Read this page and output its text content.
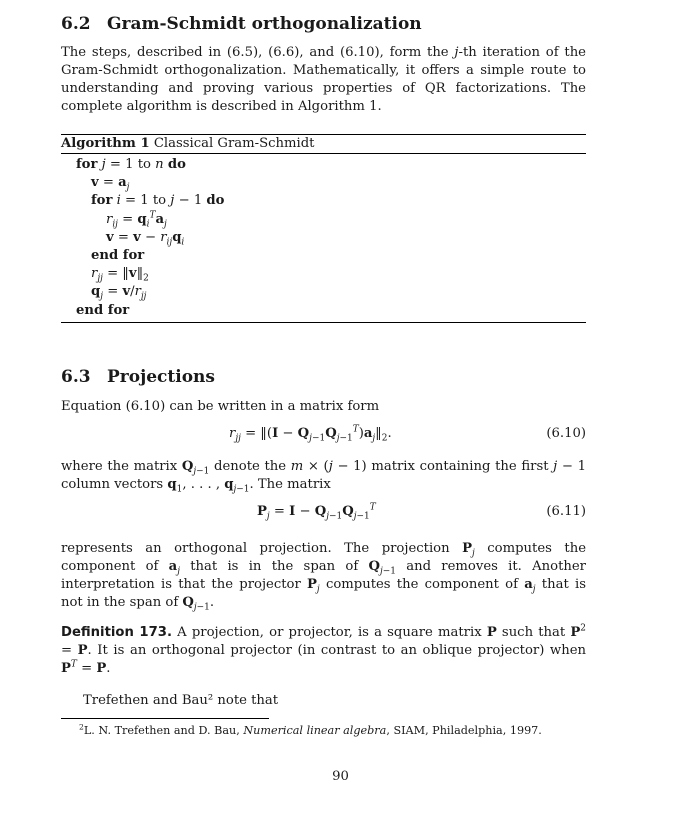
6.2 Gram-Schmidt orthogonalization

The steps, described in (6.5), (6.6), and (6.10), form the j-th iteration of the Gram-Schmidt orthogonalization. Mathematically, it offers a simple route to understanding and proving various properties of QR factorizations. The complete algorithm is described in Algorithm 1.

Algorithm 1 Classical Gram-Schmidt
for j = 1 to n do
$v = a_j$
for i = 1 to j − 1 do
$r_{ij} = q_i^Ta_j$
$v = v - r_{ij}q_i$
end for
$r_{jj}$ = $‖v‖_2$
$q_j = v/r_{jj}$
end for
6.3 Projections

Equation (6.10) can be written in a matrix form

$r_{jj}$ = ‖(I − $Q_{j-1}Q_{j-1}^T)a_j‖_2$.	(6.10)

where the matrix $Q_{j-1}$ denote the m × (j − 1) matrix containing the first j − 1 column vectors $q_1$, . . . , $q_{j-1}$. The matrix

$P_j = I - Q_{j-1}Q_{j-1}^T$	(6.11)

represents an orthogonal projection. The projection $P_j$ computes the component of $a_j$ that is in the span of $Q_{j-1}$ and removes it. Another interpretation is that the projector $P_j$ computes the component of $a_j$ that is not in the span of $Q_{j-1}$.

Definition 173. A projection, or projector, is a square matrix P such that $P^2 = P$. It is an orthogonal projector (in contrast to an oblique projector) when $P^T = P$.

Trefethen and Bau² note that

$^2$L. N. Trefethen and D. Bau, Numerical linear algebra, SIAM, Philadelphia, 1997.
90
